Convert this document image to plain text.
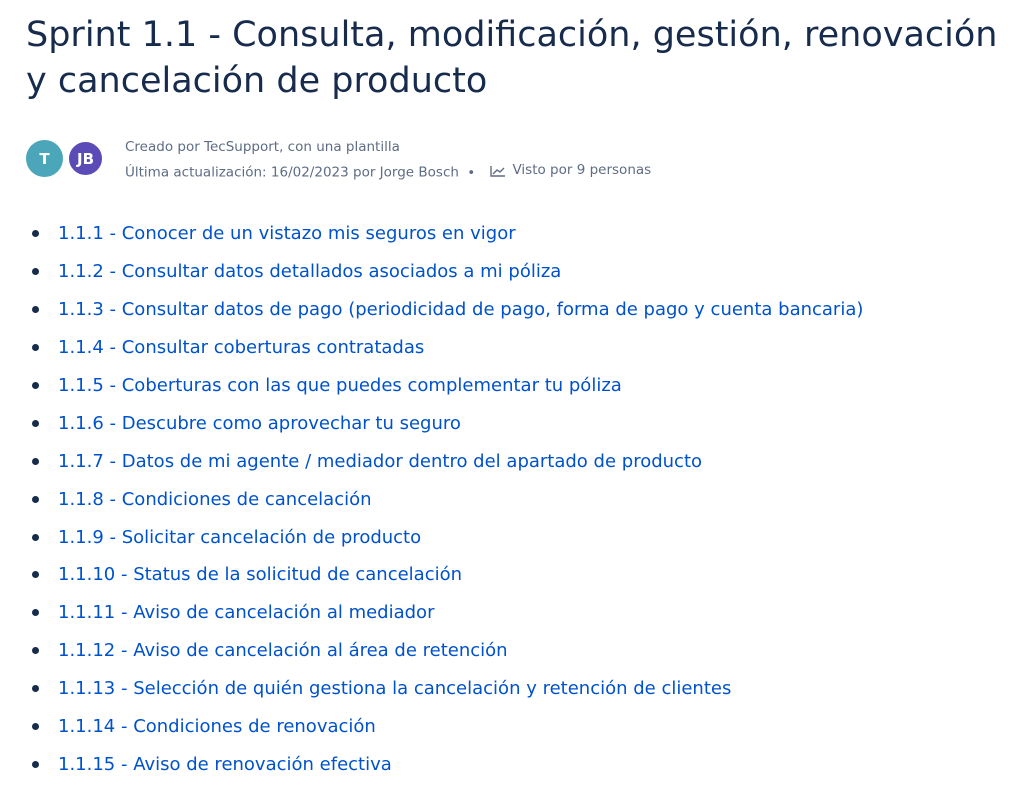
Sprint 1.1 - Consulta, modificación, gestión, renovación y cancelación de producto
T JB
Creado por TecSupport, con una plantilla
Última actualización: 16/02/2023 por Jorge Bosch •	Visto por 9 personas
1.1.1 - Conocer de un vistazo mis seguros en vigor
1.1.2 - Consultar datos detallados asociados a mi póliza
1.1.3 - Consultar datos de pago (periodicidad de pago, forma de pago y cuenta bancaria)
1.1.4 - Consultar coberturas contratadas
1.1.5 - Coberturas con las que puedes complementar tu póliza
1.1.6 - Descubre como aprovechar tu seguro
1.1.7 - Datos de mi agente / mediador dentro del apartado de producto
1.1.8 - Condiciones de cancelación
1.1.9 - Solicitar cancelación de producto
1.1.10 - Status de la solicitud de cancelación
1.1.11 - Aviso de cancelación al mediador
1.1.12 - Aviso de cancelación al área de retención
1.1.13 - Selección de quién gestiona la cancelación y retención de clientes
1.1.14 - Condiciones de renovación
1.1.15 - Aviso de renovación efectiva
